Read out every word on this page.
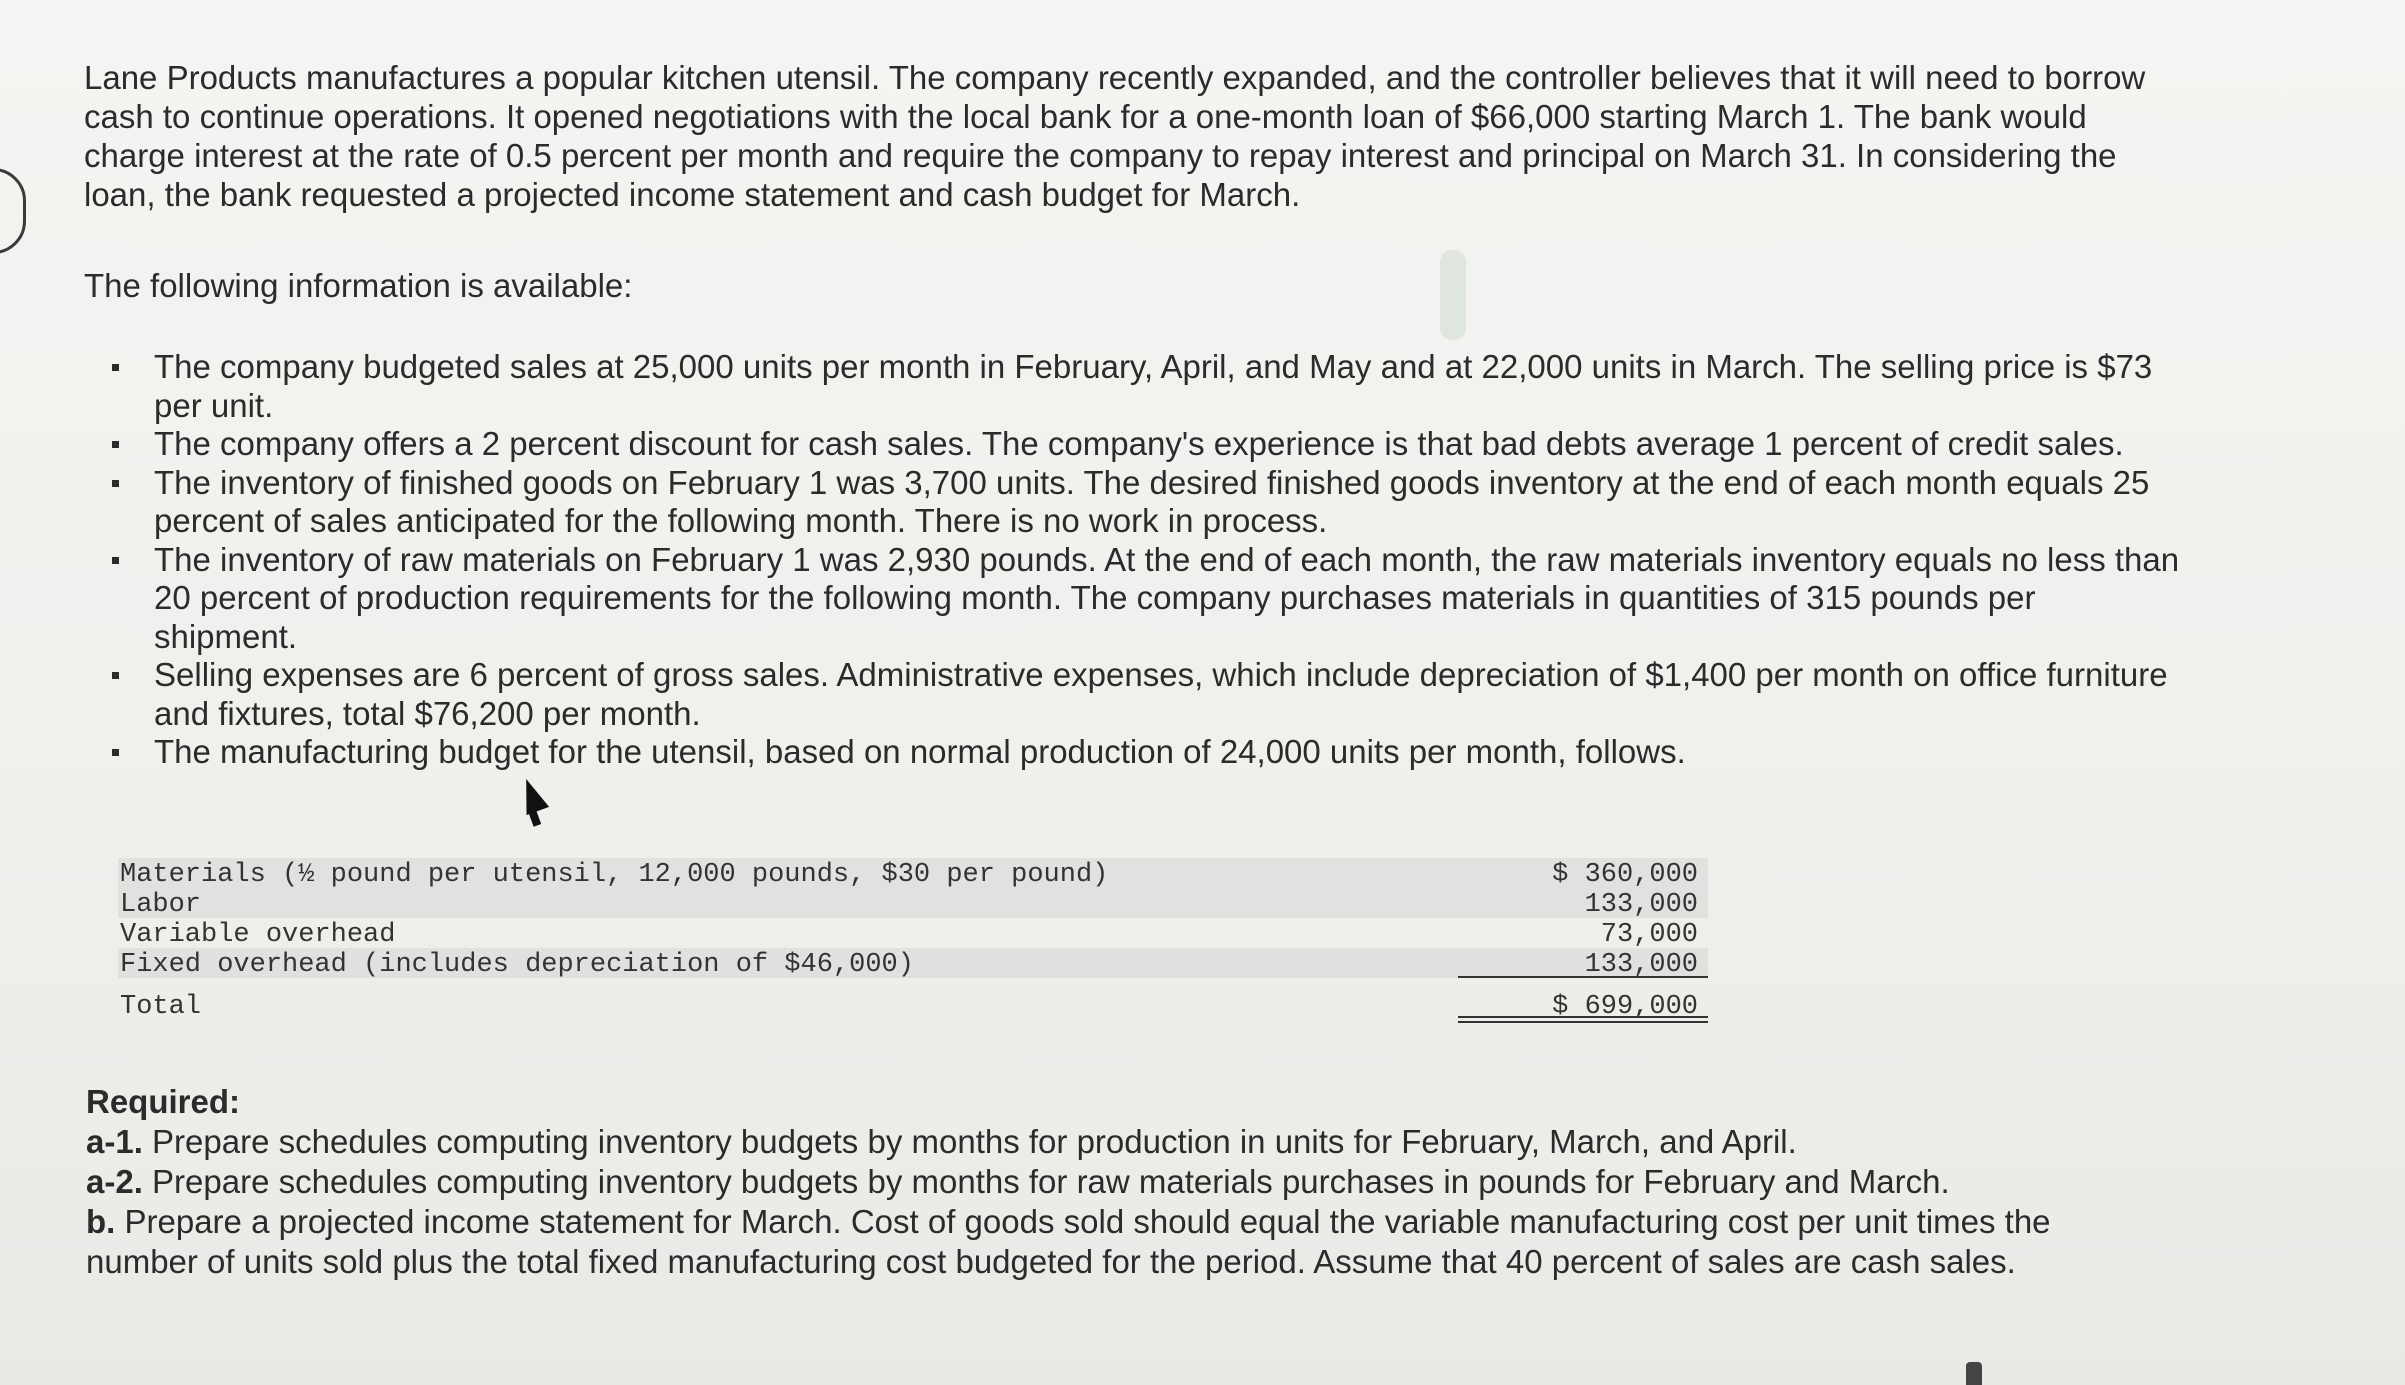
Lane Products manufactures a popular kitchen utensil. The company recently expanded, and the controller believes that it will need to borrow cash to continue operations. It opened negotiations with the local bank for a one-month loan of $66,000 starting March 1. The bank would charge interest at the rate of 0.5 percent per month and require the company to repay interest and principal on March 31. In considering the loan, the bank requested a projected income statement and cash budget for March.

The following information is available:

The company budgeted sales at 25,000 units per month in February, April, and May and at 22,000 units in March. The selling price is $73 per unit.
The company offers a 2 percent discount for cash sales. The company's experience is that bad debts average 1 percent of credit sales.
The inventory of finished goods on February 1 was 3,700 units. The desired finished goods inventory at the end of each month equals 25 percent of sales anticipated for the following month. There is no work in process.
The inventory of raw materials on February 1 was 2,930 pounds. At the end of each month, the raw materials inventory equals no less than 20 percent of production requirements for the following month. The company purchases materials in quantities of 315 pounds per shipment.
Selling expenses are 6 percent of gross sales. Administrative expenses, which include depreciation of $1,400 per month on office furniture and fixtures, total $76,200 per month.
The manufacturing budget for the utensil, based on normal production of 24,000 units per month, follows.
Materials (½ pound per utensil, 12,000 pounds, $30 per pound)	$ 360,000
Labor	133,000
Variable overhead	73,000
Fixed overhead (includes depreciation of $46,000)	133,000
Total	$ 699,000

Required:

a-1. Prepare schedules computing inventory budgets by months for production in units for February, March, and April.

a-2. Prepare schedules computing inventory budgets by months for raw materials purchases in pounds for February and March.

b. Prepare a projected income statement for March. Cost of goods sold should equal the variable manufacturing cost per unit times the number of units sold plus the total fixed manufacturing cost budgeted for the period. Assume that 40 percent of sales are cash sales.
